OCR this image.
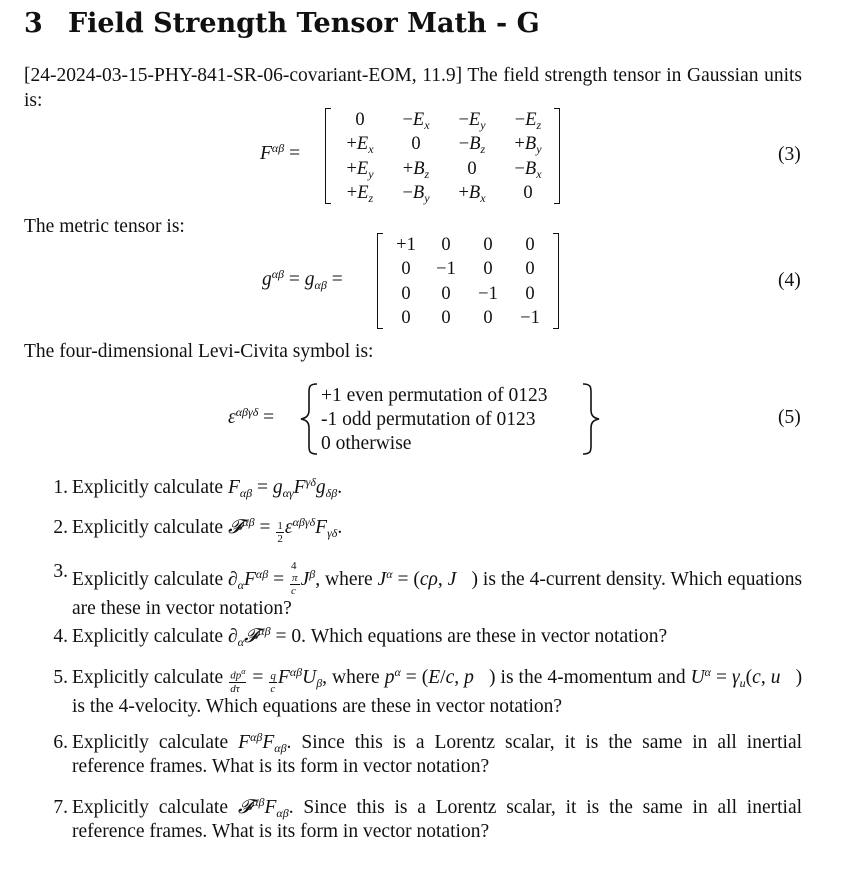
3 Field Strength Tensor Math - G
[24-2024-03-15-PHY-841-SR-06-covariant-EOM, 11.9] The field strength tensor in Gaussian units is:
$F^{\alpha\beta}$ =
0	$-E_x$	$-E_y$	$-E_z$
$+E_x$	0	$-B_z$	$+B_y$
$+E_y$	$+B_z$	0	$-B_x$
$+E_z$	$-B_y$	$+B_x$	0
(3)
The metric tensor is:
$g^{\alpha\beta} = g_{\alpha\beta}$ =
+1	0	0	0
0	−1	0	0
0	0	−1	0
0	0	0	−1
(4)
The four-dimensional Levi-Civita symbol is:
$\varepsilon^{\alpha\beta\gamma\delta}$ =
+1 even permutation of 0123
-1 odd permutation of 0123
0 otherwise
(5)
1. Explicitly calculate $F_{\alpha\beta} = g_{\alpha\gamma}F^{\gamma\delta}g_{\delta\beta}$.
2. Explicitly calculate 𝓕$^{\alpha\beta}$ = $\frac{1}{2} \varepsilon^{\alpha\beta\gamma\delta}F_{\gamma\delta}$.
3. Explicitly calculate $\partial_\alpha F^{\alpha\beta} = 4$
π
c $J^\beta$, where $J^\alpha = (c\rho$, J⃗) is the 4-current density. Which equations are these in vector notation?
4. Explicitly calculate $\partial_\alpha 𝓕^{\alpha\beta} = 0$. Which equations are these in vector notation?
5. Explicitly calculate $\frac{dp^\alpha}{d\tau} = \frac{q}{c} F^{\alpha\beta}U_\beta$, where $p^\alpha = (E/c$, p⃗) is the 4-momentum and $U^\alpha = \gamma_u(c$, u⃗) is the 4-velocity. Which equations are these in vector notation?
6. Explicitly calculate $F^{\alpha\beta}F_{\alpha\beta}$. Since this is a Lorentz scalar, it is the same in all inertial reference frames. What is its form in vector notation?
7. Explicitly calculate $𝓕^{\alpha\beta}F_{\alpha\beta}$. Since this is a Lorentz scalar, it is the same in all inertial reference frames. What is its form in vector notation?
